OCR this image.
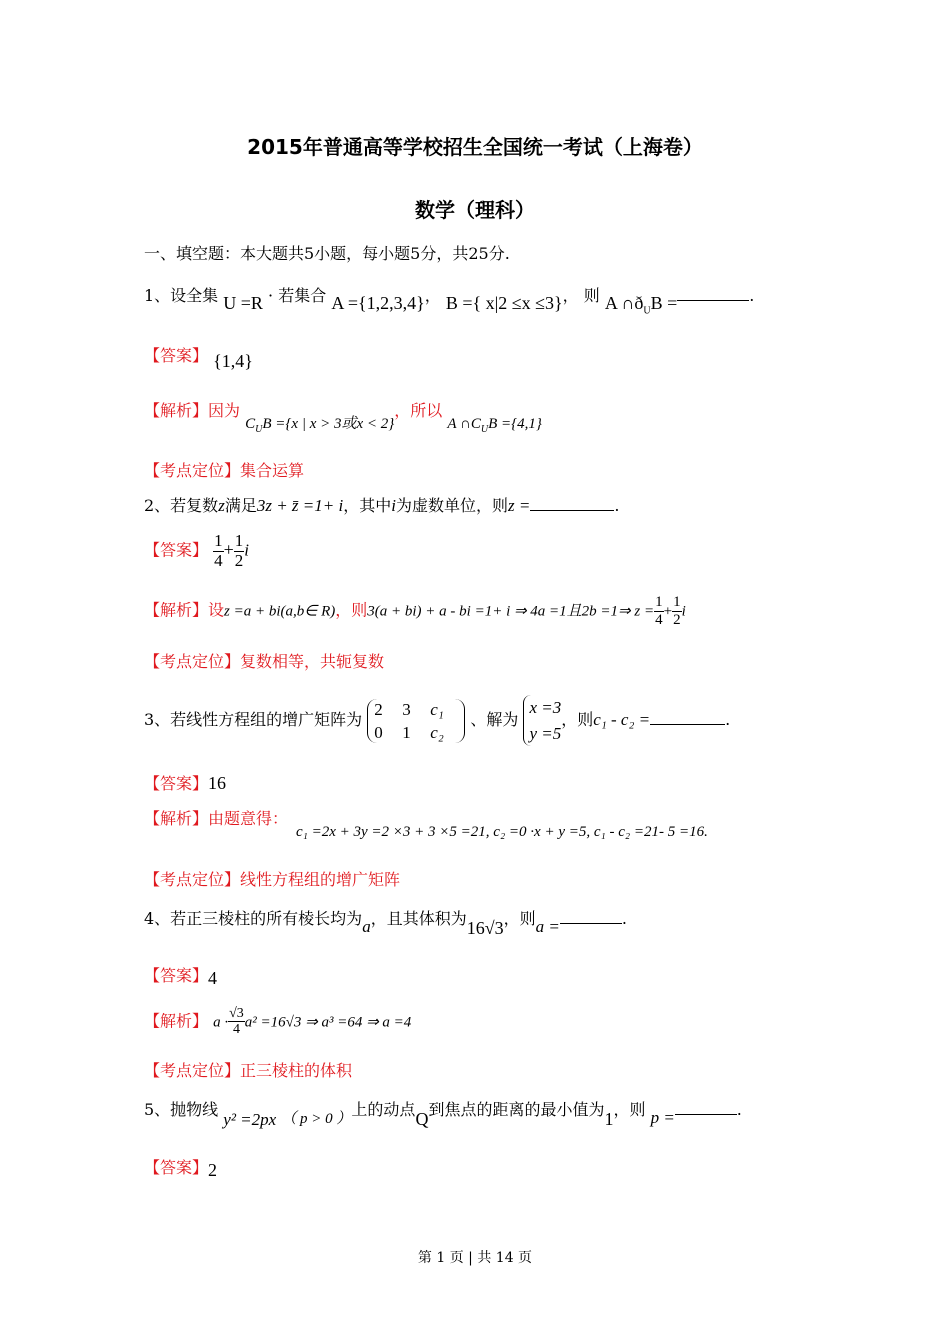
2015年普通高等学校招生全国统一考试（上海卷）
数学（理科）
一、填空题：本大题共5小题，每小题5分，共25分.
1、设全集 U =R · 若集合 A ={1,2,3,4}， B ={ x|2 ≤x ≤3}， 则 A $\cap ð_UB$ =	.
【答案】 {1,4}
【解析】因为 $C_UB =\{x$ | x > 3或x < 2}，所以 A $\cap C_UB =\{4,1\}$
【考点定位】集合运算
2、若复数z满足3z + z̄ =1+ i，其中i为虚数单位，则z =	.
【答案】 $\frac{1}{4} + \frac{1}{2}$ i
【解析】设z =a + bi(a,b∈ R)，则3(a + bi) + a - bi =1+ i ⇒ 4a =1且2b =1⇒ $z = \frac{1}{4} + \frac{1}{2}$ i
【考点定位】复数相等，共轭复数
3、若线性方程组的增广矩阵为
2	3	c₁
0	1	c₂
、解为
x =3
y =5
，则c₁ - c₂ =	.
【答案】16
【解析】由题意得：
c₁ =2x + 3y =2 ×3 + 3 ×5 =21, c₂ =0 ·x + y =5, c₁ - c₂ =21- 5 =16.
【考点定位】线性方程组的增广矩阵
4、若正三棱柱的所有棱长均为a，且其体积为16√3，则a =	.
【答案】4
【解析】 $a \cdot \frac{√3}{4} a^2 =16√3$ ⇒ a³ =64 ⇒ a =4
【考点定位】正三棱柱的体积
5、抛物线 y² =2px （ p > 0 ）上的动点Q到焦点的距离的最小值为1，则 p =	.
【答案】2
第 1 页 | 共 14 页
